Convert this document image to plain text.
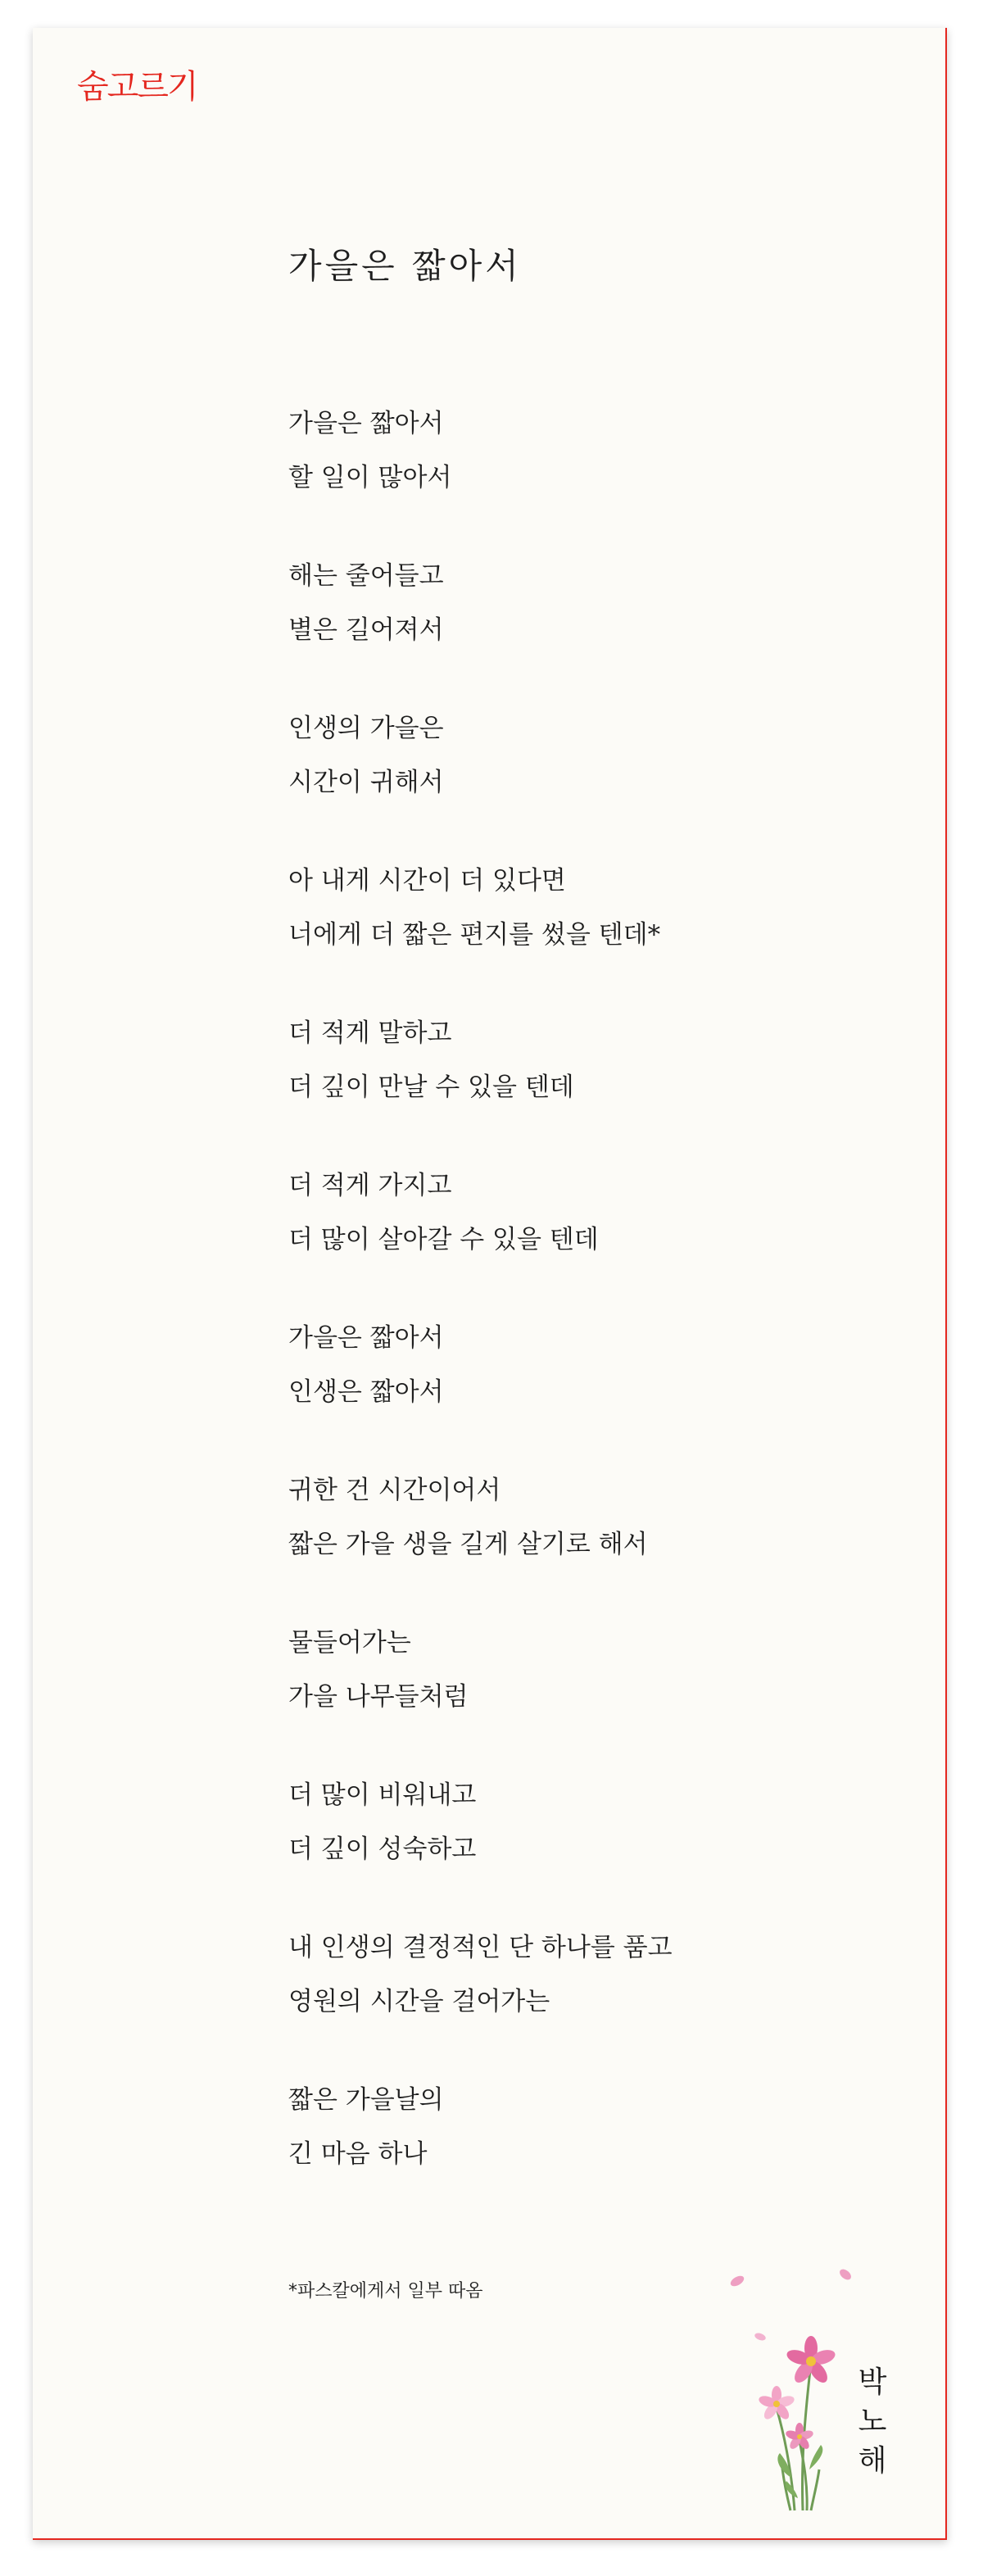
숨고르기
가을은 짧아서
가을은 짧아서
할 일이 많아서
해는 줄어들고
별은 길어져서
인생의 가을은
시간이 귀해서
아 내게 시간이 더 있다면
너에게 더 짧은 편지를 썼을 텐데*
더 적게 말하고
더 깊이 만날 수 있을 텐데
더 적게 가지고
더 많이 살아갈 수 있을 텐데
가을은 짧아서
인생은 짧아서
귀한 건 시간이어서
짧은 가을 생을 길게 살기로 해서
물들어가는
가을 나무들처럼
더 많이 비워내고
더 깊이 성숙하고
내 인생의 결정적인 단 하나를 품고
영원의 시간을 걸어가는
짧은 가을날의
긴 마음 하나
*파스칼에게서 일부 따옴
박
노
해
